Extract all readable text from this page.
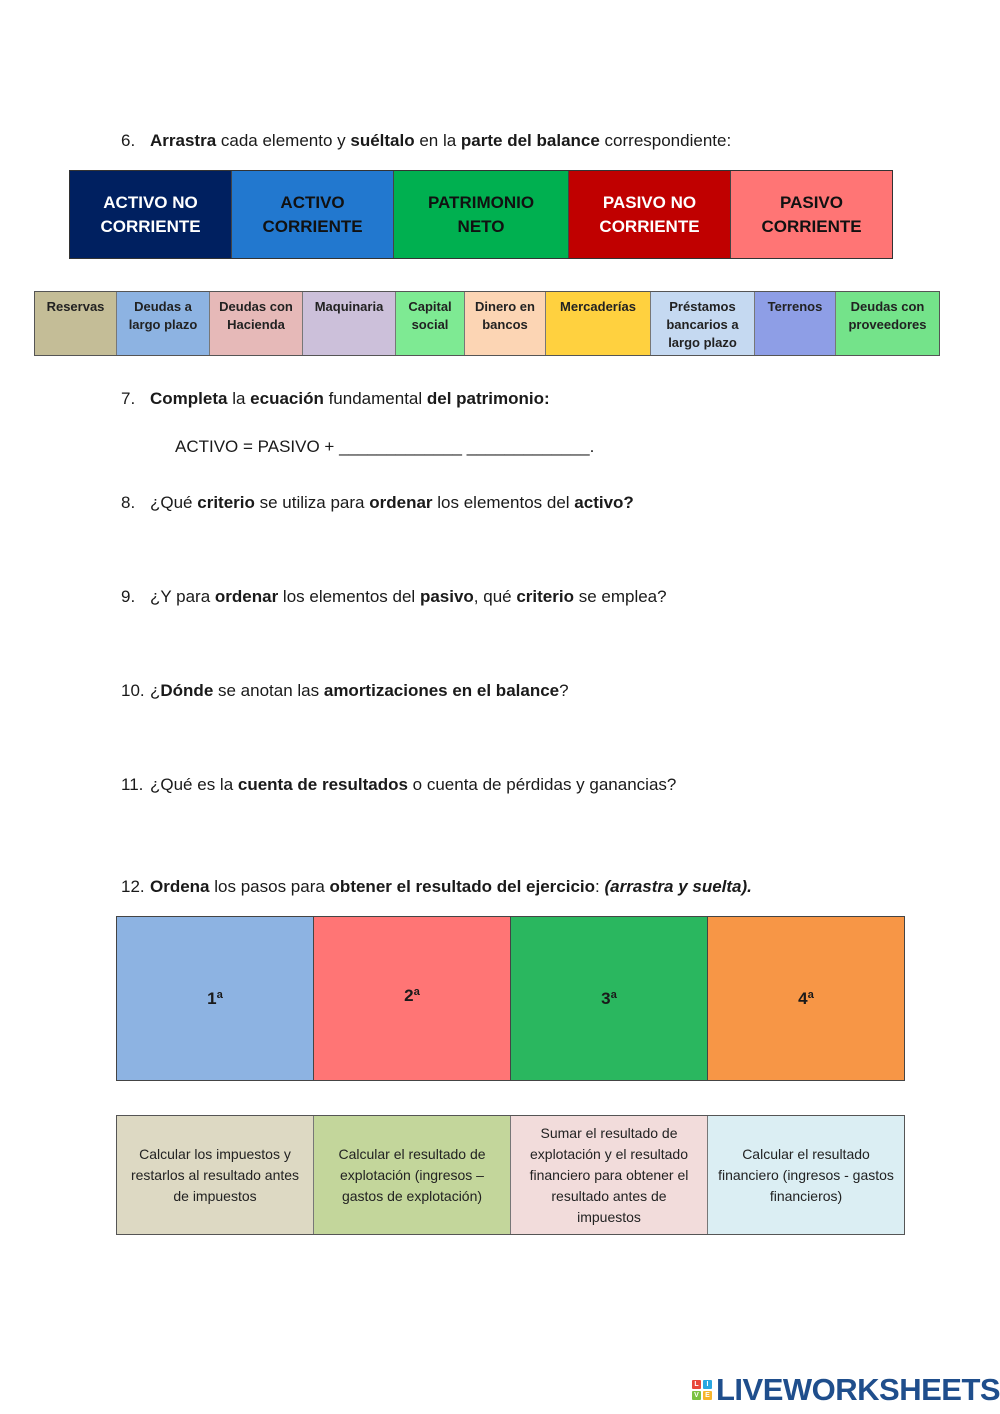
6. Arrastra cada elemento y suéltalo en la parte del balance correspondiente:
ACTIVO NO
CORRIENTE
ACTIVO
CORRIENTE
PATRIMONIO
NETO
PASIVO NO
CORRIENTE
PASIVO
CORRIENTE
Reservas	Deudas a largo plazo
Deudas con Hacienda
Maquinaria	Capital social
Dinero en bancos
Mercaderías	Préstamos bancarios a largo plazo
Terrenos	Deudas con proveedores
7. Completa la ecuación fundamental del patrimonio:
ACTIVO = PASIVO + _____________ _____________.
8. ¿Qué criterio se utiliza para ordenar los elementos del activo?
9. ¿Y para ordenar los elementos del pasivo, qué criterio se emplea?
10. ¿Dónde se anotan las amortizaciones en el balance?
11. ¿Qué es la cuenta de resultados o cuenta de pérdidas y ganancias?
12. Ordena los pasos para obtener el resultado del ejercicio: (arrastra y suelta).
1ª	2ª	3ª	4ª
Calcular los impuestos y restarlos al resultado antes de impuestos
Calcular el resultado de explotación (ingresos – gastos de explotación)
Sumar el resultado de explotación y el resultado financiero para obtener el resultado antes de impuestos
Calcular el resultado financiero (ingresos - gastos financieros)
L	I
V E LIVEWORKSHEETS
